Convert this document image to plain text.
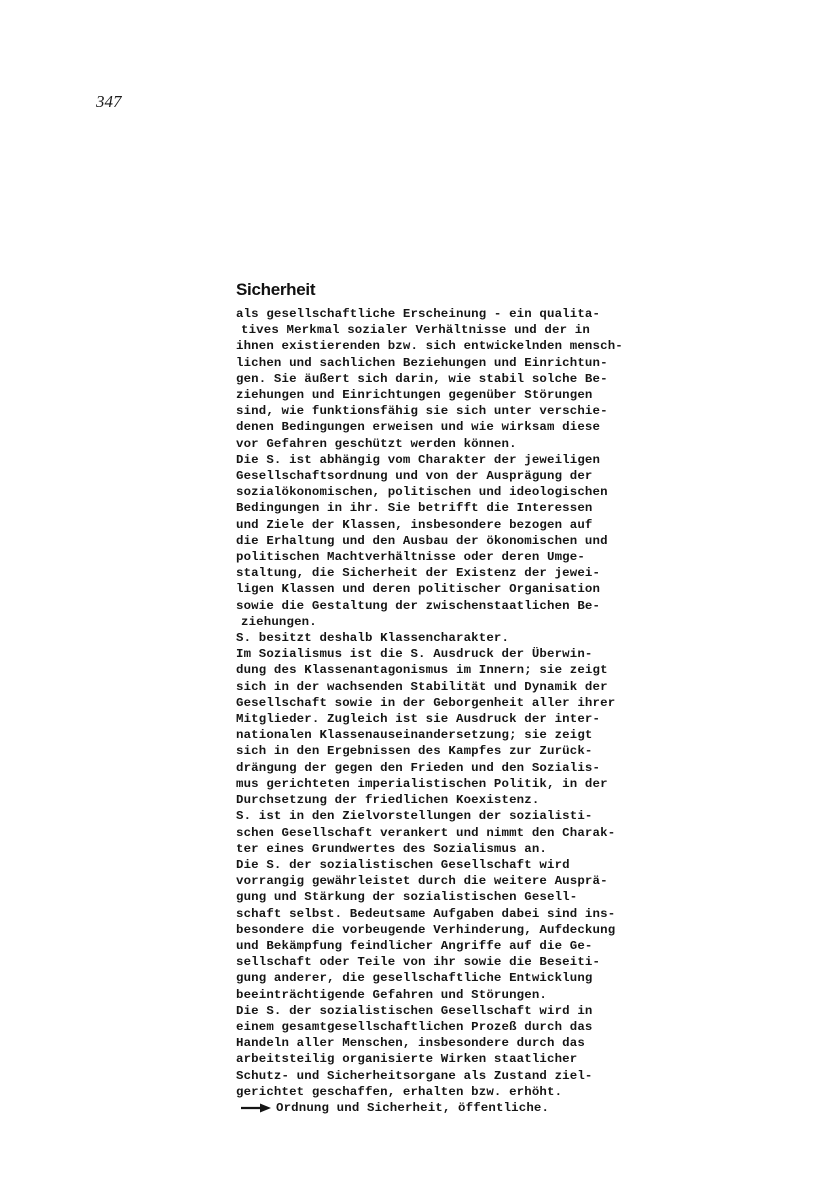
347
Sicherheit
als gesellschaftliche Erscheinung - ein qualita-
tives Merkmal sozialer Verhältnisse und der in
ihnen existierenden bzw. sich entwickelnden mensch-
lichen und sachlichen Beziehungen und Einrichtun-
gen. Sie äußert sich darin, wie stabil solche Be-
ziehungen und Einrichtungen gegenüber Störungen
sind, wie funktionsfähig sie sich unter verschie-
denen Bedingungen erweisen und wie wirksam diese
vor Gefahren geschützt werden können.
Die S. ist abhängig vom Charakter der jeweiligen
Gesellschaftsordnung und von der Ausprägung der
sozialökonomischen, politischen und ideologischen
Bedingungen in ihr. Sie betrifft die Interessen
und Ziele der Klassen, insbesondere bezogen auf
die Erhaltung und den Ausbau der ökonomischen und
politischen Machtverhältnisse oder deren Umge-
staltung, die Sicherheit der Existenz der jewei-
ligen Klassen und deren politischer Organisation
sowie die Gestaltung der zwischenstaatlichen Be-
ziehungen.
S. besitzt deshalb Klassencharakter.
Im Sozialismus ist die S. Ausdruck der Überwin-
dung des Klassenantagonismus im Innern; sie zeigt
sich in der wachsenden Stabilität und Dynamik der
Gesellschaft sowie in der Geborgenheit aller ihrer
Mitglieder. Zugleich ist sie Ausdruck der inter-
nationalen Klassenauseinandersetzung; sie zeigt
sich in den Ergebnissen des Kampfes zur Zurück-
drängung der gegen den Frieden und den Sozialis-
mus gerichteten imperialistischen Politik, in der
Durchsetzung der friedlichen Koexistenz.
S. ist in den Zielvorstellungen der sozialisti-
schen Gesellschaft verankert und nimmt den Charak-
ter eines Grundwertes des Sozialismus an.
Die S. der sozialistischen Gesellschaft wird
vorrangig gewährleistet durch die weitere Ausprä-
gung und Stärkung der sozialistischen Gesell-
schaft selbst. Bedeutsame Aufgaben dabei sind ins-
besondere die vorbeugende Verhinderung, Aufdeckung
und Bekämpfung feindlicher Angriffe auf die Ge-
sellschaft oder Teile von ihr sowie die Beseiti-
gung anderer, die gesellschaftliche Entwicklung
beeinträchtigende Gefahren und Störungen.
Die S. der sozialistischen Gesellschaft wird in
einem gesamtgesellschaftlichen Prozeß durch das
Handeln aller Menschen, insbesondere durch das
arbeitsteilig organisierte Wirken staatlicher
Schutz- und Sicherheitsorgane als Zustand ziel-
gerichtet geschaffen, erhalten bzw. erhöht.
Ordnung und Sicherheit, öffentliche.
